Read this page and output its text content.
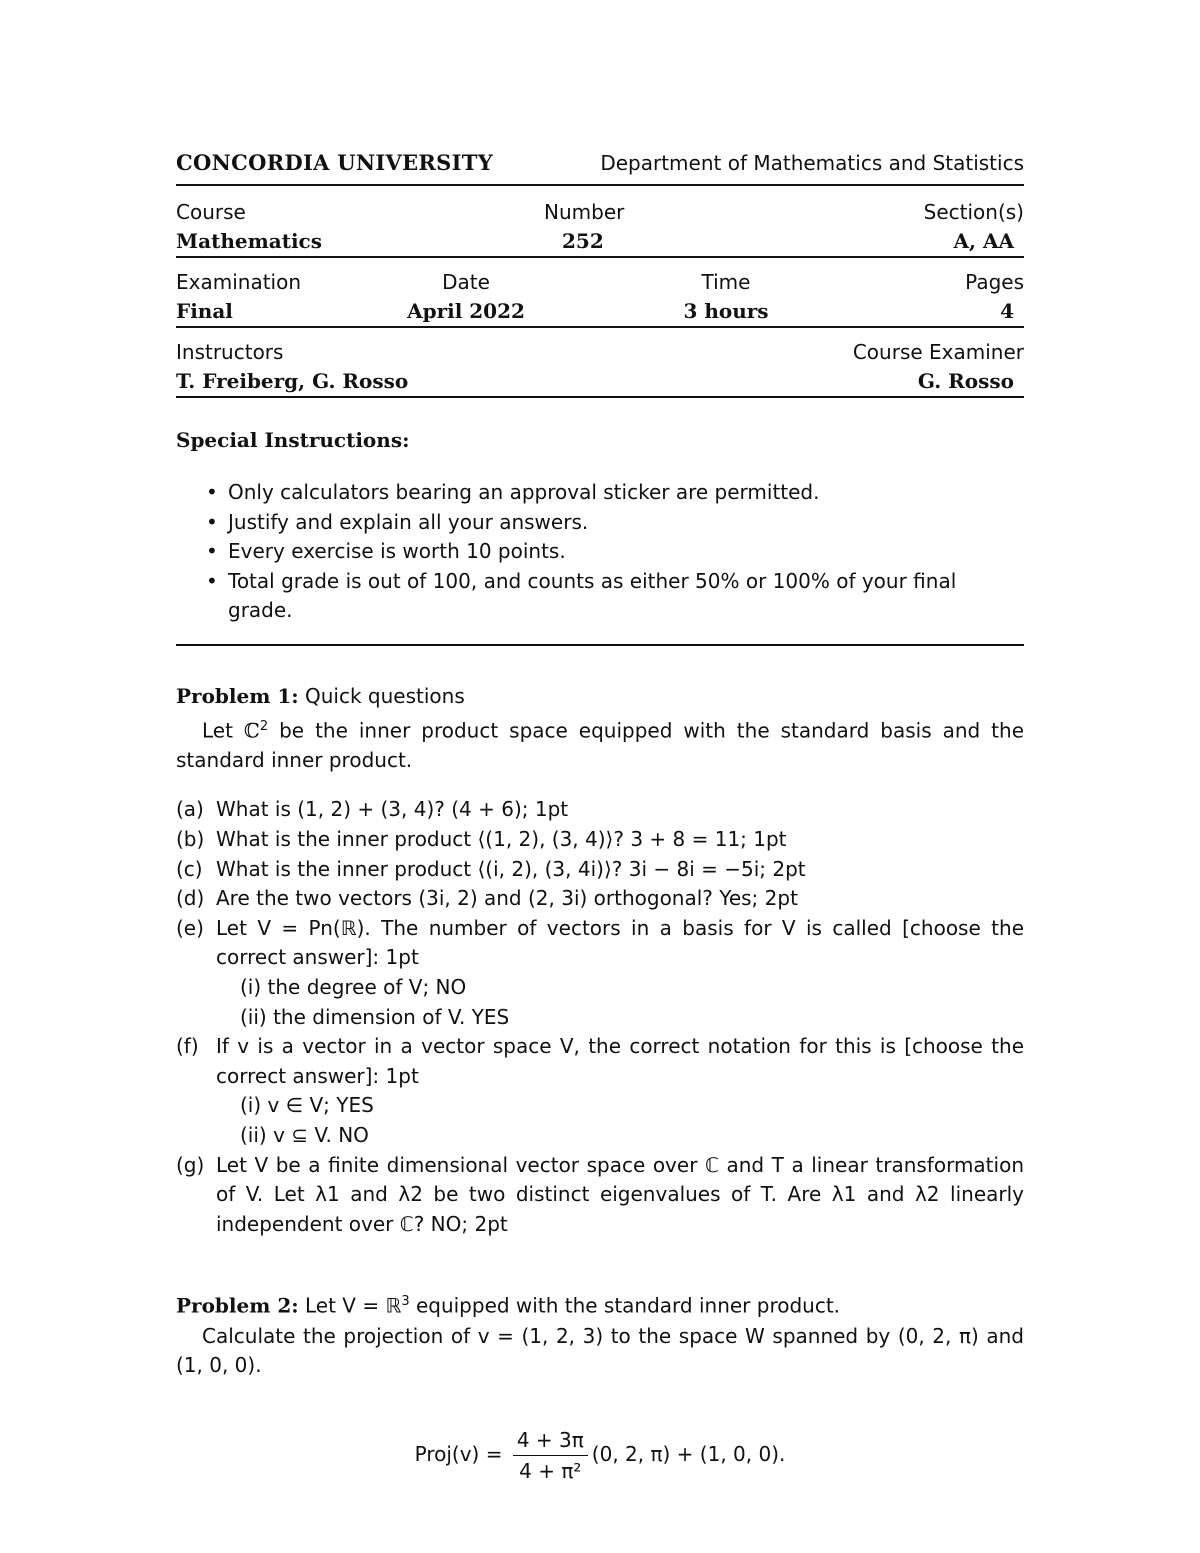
CONCORDIA UNIVERSITY	Department of Mathematics and Statistics
Course
Mathematics
Number
252
Section(s)
A, AA
Examination
Final
Date
April 2022
Time
3 hours
Pages
4
Instructors
T. Freiberg, G. Rosso
Course Examiner
G. Rosso
Special Instructions:
• Only calculators bearing an approval sticker are permitted.
• Justify and explain all your answers.
• Every exercise is worth 10 points.
• Total grade is out of 100, and counts as either 50% or 100% of your final grade.
Problem 1: Quick questions
Let ℂ$^2$ be the inner product space equipped with the standard basis and the standard inner product.
(a) What is (1, 2) + (3, 4)? (4 + 6); 1pt
(b) What is the inner product ⟨(1, 2), (3, 4)⟩? 3 + 8 = 11; 1pt
(c) What is the inner product ⟨(i, 2), (3, 4i)⟩? 3i − 8i = −5i; 2pt
(d) Are the two vectors (3i, 2) and (2, 3i) orthogonal? Yes; 2pt
(e) Let V = Pn(ℝ). The number of vectors in a basis for V is called [choose the correct answer]: 1pt
(i) the degree of V; NO
(ii) the dimension of V. YES
(f) If v is a vector in a vector space V, the correct notation for this is [choose the correct answer]: 1pt
(i) v ∈ V; YES
(ii) v ⊆ V. NO
(g) Let V be a finite dimensional vector space over ℂ and T a linear transformation of V. Let λ1 and λ2 be two distinct eigenvalues of T. Are λ1 and λ2 linearly independent over ℂ? NO; 2pt
Problem 2: Let V = ℝ$^3$ equipped with the standard inner product.
Calculate the projection of v = (1, 2, 3) to the space W spanned by (0, 2, π) and (1, 0, 0).
Proj(v) = $\frac{4 + 3\pi}{\text{4 + π²}} (0$, 2, π) + (1, 0, 0).
